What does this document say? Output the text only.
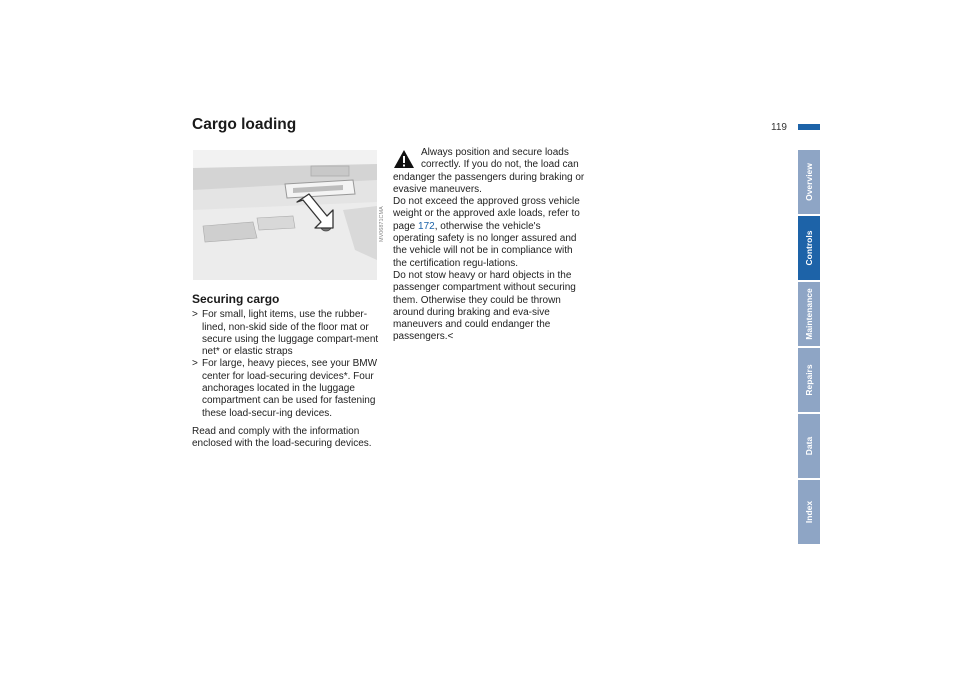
Cargo loading	119
MV06871CMA
Securing cargo

> For small, light items, use the rubber-lined, non-skid side of the floor mat or secure using the luggage compart-ment net* or elastic straps

> For large, heavy pieces, see your BMW center for load-securing devices*. Four anchorages located in the luggage compartment can be used for fastening these load-secur-ing devices.

Read and comply with the information enclosed with the load-securing devices.

Always position and secure loads correctly. If you do not, the load can endanger the passengers during braking or evasive maneuvers.

Do not exceed the approved gross vehicle weight or the approved axle loads, refer to page 172, otherwise the vehicle's operating safety is no longer assured and the vehicle will not be in compliance with the certification regu-lations.

Do not stow heavy or hard objects in the passenger compartment without securing them. Otherwise they could be thrown around during braking and eva-sive maneuvers and could endanger the passengers.<

Overview
Controls
Maintenance
Repairs
Data
Index
